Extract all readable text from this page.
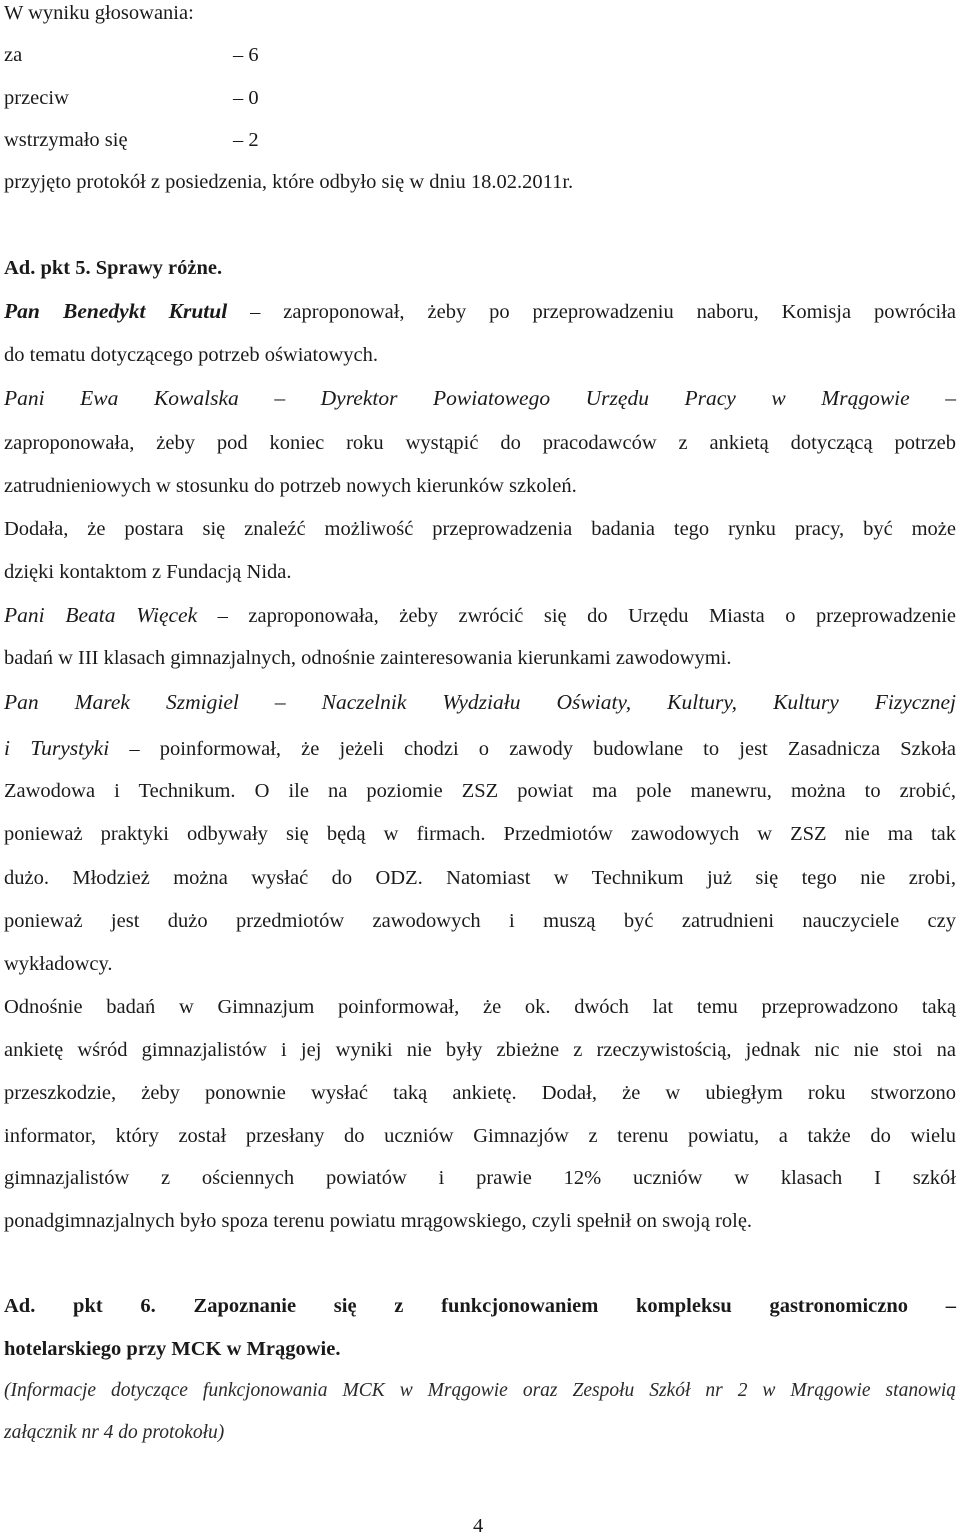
W wyniku głosowania:
za	– 6
przeciw	– 0
wstrzymało się	– 2
przyjęto protokół z posiedzenia, które odbyło się w dniu 18.02.2011r.
Ad. pkt 5. Sprawy różne.
Pan Benedykt Krutul – zaproponował, żeby po przeprowadzeniu naboru, Komisja powróciła
do tematu dotyczącego potrzeb oświatowych.
Pani Ewa Kowalska – Dyrektor Powiatowego Urzędu Pracy w Mrągowie –
zaproponowała, żeby pod koniec roku wystąpić do pracodawców z ankietą dotyczącą potrzeb
zatrudnieniowych w stosunku do potrzeb nowych kierunków szkoleń.
Dodała, że postara się znaleźć możliwość przeprowadzenia badania tego rynku pracy, być może
dzięki kontaktom z Fundacją Nida.
Pani Beata Więcek – zaproponowała, żeby zwrócić się do Urzędu Miasta o przeprowadzenie
badań w III klasach gimnazjalnych, odnośnie zainteresowania kierunkami zawodowymi.
Pan Marek Szmigiel – Naczelnik Wydziału Oświaty, Kultury, Kultury Fizycznej
i Turystyki – poinformował, że jeżeli chodzi o zawody budowlane to jest Zasadnicza Szkoła
Zawodowa i Technikum. O ile na poziomie ZSZ powiat ma pole manewru, można to zrobić,
ponieważ praktyki odbywały się będą w firmach. Przedmiotów zawodowych w ZSZ nie ma tak
dużo. Młodzież można wysłać do ODZ. Natomiast w Technikum już się tego nie zrobi,
ponieważ jest dużo przedmiotów zawodowych i muszą być zatrudnieni nauczyciele czy
wykładowcy.
Odnośnie badań w Gimnazjum poinformował, że ok. dwóch lat temu przeprowadzono taką
ankietę wśród gimnazjalistów i jej wyniki nie były zbieżne z rzeczywistością, jednak nic nie stoi na
przeszkodzie, żeby ponownie wysłać taką ankietę. Dodał, że w ubiegłym roku stworzono
informator, który został przesłany do uczniów Gimnazjów z terenu powiatu, a także do wielu
gimnazjalistów z ościennych powiatów i prawie 12% uczniów w klasach I szkół
ponadgimnazjalnych było spoza terenu powiatu mrągowskiego, czyli spełnił on swoją rolę.
Ad. pkt 6. Zapoznanie się z funkcjonowaniem kompleksu gastronomiczno –
hotelarskiego przy MCK w Mrągowie.
(Informacje dotyczące funkcjonowania MCK w Mrągowie oraz Zespołu Szkół nr 2 w Mrągowie stanowią
załącznik nr 4 do protokołu)
4
